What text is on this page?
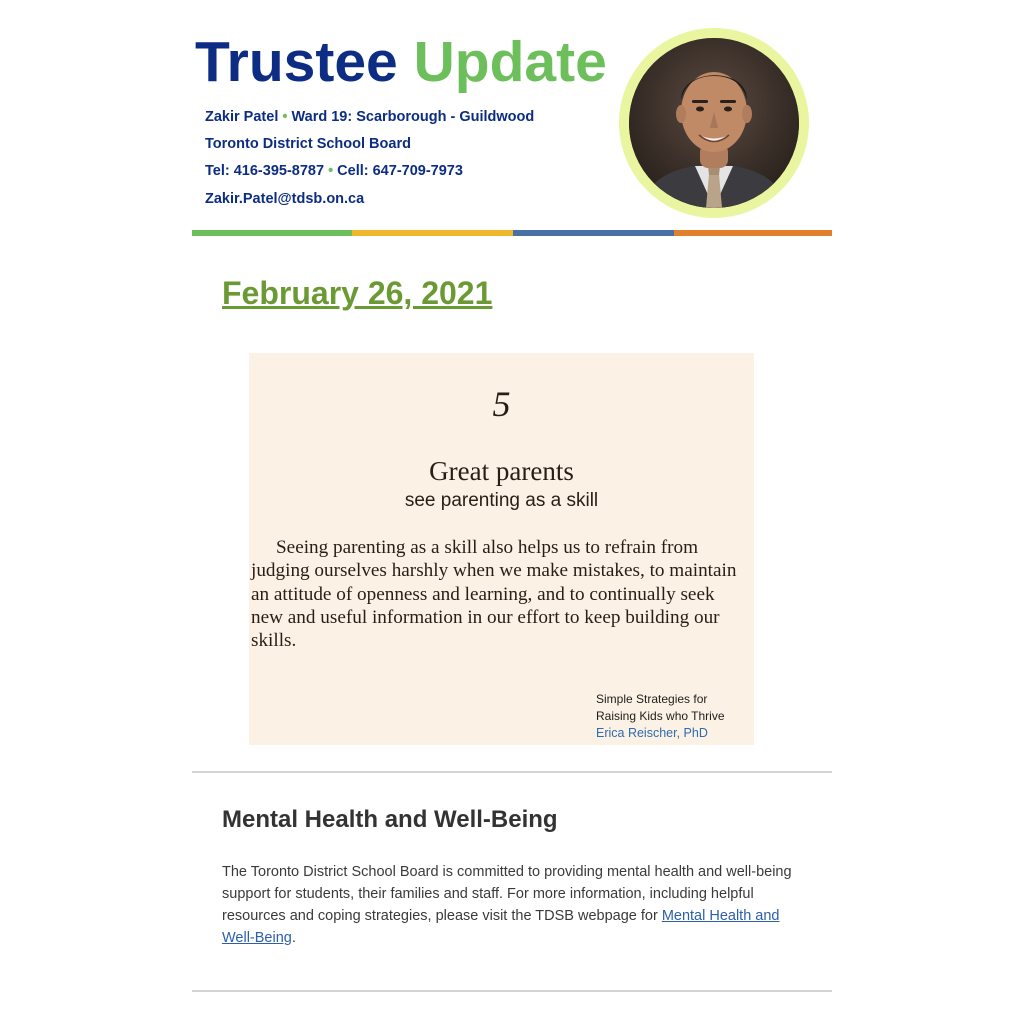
Trustee Update
Zakir Patel • Ward 19: Scarborough - Guildwood
Toronto District School Board
Tel: 416-395-8787 • Cell: 647-709-7973
Zakir.Patel@tdsb.on.ca
February 26, 2021
5
Great parents
see parenting as a skill
Seeing parenting as a skill also helps us to refrain from
judging ourselves harshly when we make mistakes, to maintain
an attitude of openness and learning, and to continually seek
new and useful information in our effort to keep building our
skills.
Simple Strategies for
Raising Kids who Thrive
Erica Reischer, PhD
Mental Health and Well-Being
The Toronto District School Board is committed to providing mental health and well-being support for students, their families and staff. For more information, including helpful resources and coping strategies, please visit the TDSB webpage for Mental Health and Well-Being.
